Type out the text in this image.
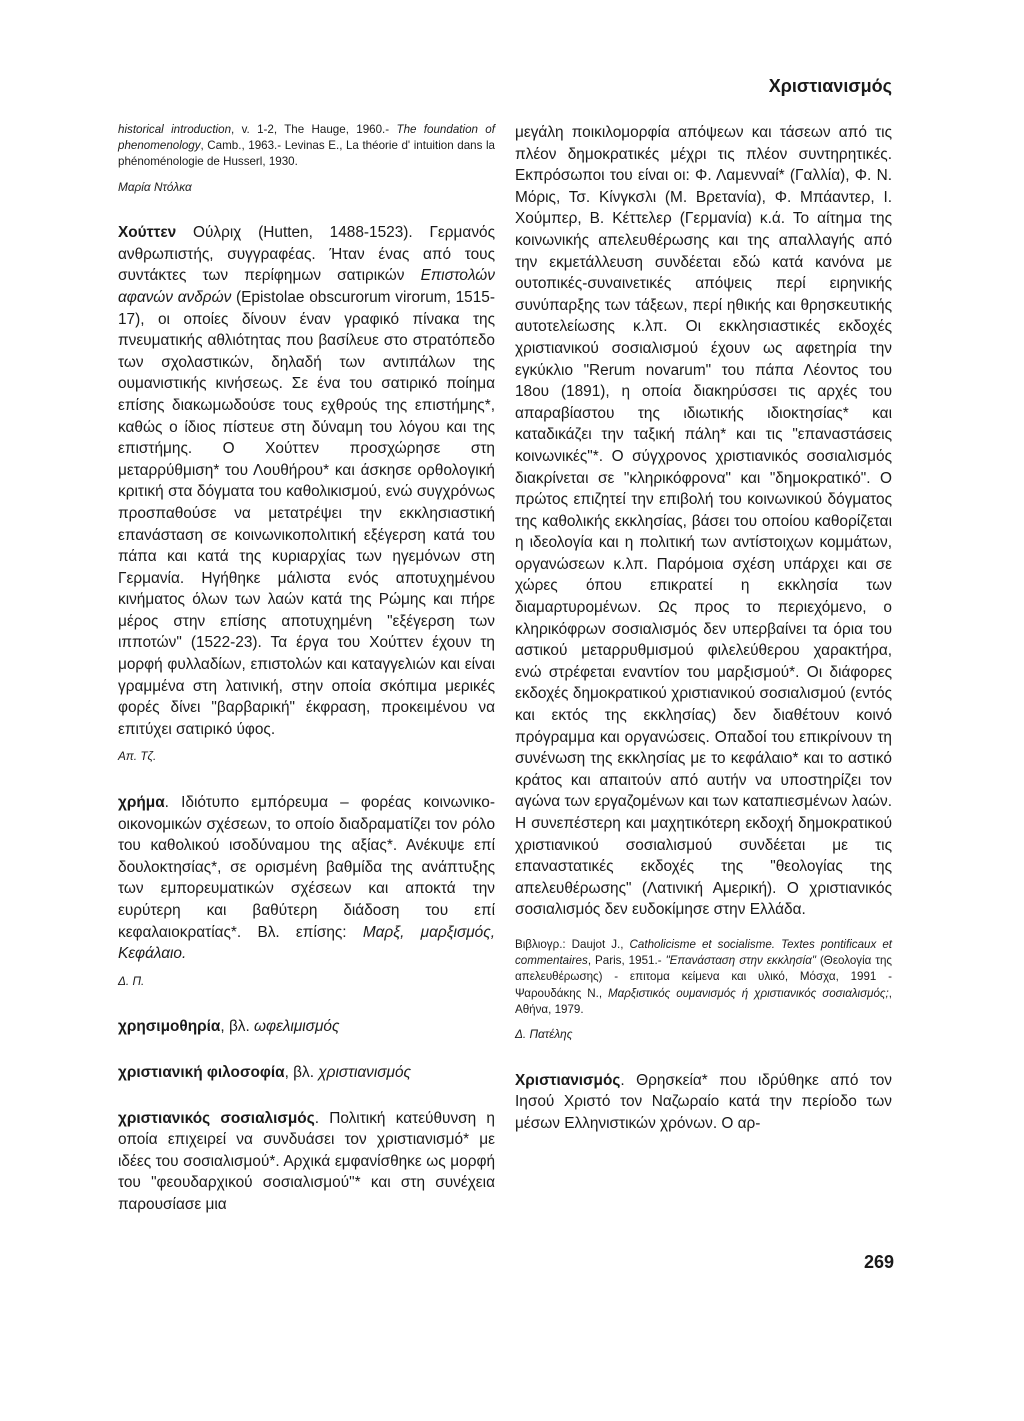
Χριστιανισμός

historical introduction, v. 1-2, The Hauge, 1960.- The foundation of phenomenology, Camb., 1963.- Levinas E., La théorie d' intuition dans la phénoménologie de Husserl, 1930.

Μαρία Ντόλκα

Χούττεν Ούλριχ (Hutten, 1488-1523). Γερμανός ανθρωπιστής, συγγραφέας. Ήταν ένας από τους συντάκτες των περίφημων σατιρικών Επιστολών αφανών ανδρών (Epistolae obscurorum virorum, 1515-17), οι οποίες δίνουν έναν γραφικό πίνακα της πνευματικής αθλιότητας που βασίλευε στο στρατόπεδο των σχολαστικών, δηλαδή των αντιπάλων της ουμανιστικής κινήσεως. Σε ένα του σατιρικό ποίημα επίσης διακωμωδούσε τους εχθρούς της επιστήμης*, καθώς ο ίδιος πίστευε στη δύναμη του λόγου και της επιστήμης. Ο Χούττεν προσχώρησε στη μεταρρύθμιση* του Λουθήρου* και άσκησε ορθολογική κριτική στα δόγματα του καθολικισμού, ενώ συγχρόνως προσπαθούσε να μετατρέψει την εκκλησιαστική επανάσταση σε κοινωνικοπολιτική εξέγερση κατά του πάπα και κατά της κυριαρχίας των ηγεμόνων στη Γερμανία. Ηγήθηκε μάλιστα ενός αποτυχημένου κινήματος όλων των λαών κατά της Ρώμης και πήρε μέρος στην επίσης αποτυχημένη "εξέγερση των ιπποτών" (1522-23). Τα έργα του Χούττεν έχουν τη μορφή φυλλαδίων, επιστολών και καταγγελιών και είναι γραμμένα στη λατινική, στην οποία σκόπιμα μερικές φορές δίνει "βαρβαρική" έκφραση, προκειμένου να επιτύχει σατιρικό ύφος.

Απ. Τζ.

χρήμα. Ιδιότυπο εμπόρευμα – φορέας κοινωνικο-οικονομικών σχέσεων, το οποίο διαδραματίζει τον ρόλο του καθολικού ισοδύναμου της αξίας*. Ανέκυψε επί δουλοκτησίας*, σε ορισμένη βαθμίδα της ανάπτυξης των εμπορευματικών σχέσεων και αποκτά την ευρύτερη και βαθύτερη διάδοση του επί κεφαλαιοκρατίας*. Βλ. επίσης: Μαρξ, μαρξισμός, Κεφάλαιο.

Δ. Π.

χρησιμοθηρία, βλ. ωφελιμισμός

χριστιανική φιλοσοφία, βλ. χριστιανισμός

χριστιανικός σοσιαλισμός. Πολιτική κατεύθυνση η οποία επιχειρεί να συνδυάσει τον χριστιανισμό* με ιδέες του σοσιαλισμού*. Αρχικά εμφανίσθηκε ως μορφή του "φεουδαρχικού σοσιαλισμού"* και στη συνέχεια παρουσίασε μια

μεγάλη ποικιλομορφία απόψεων και τάσεων από τις πλέον δημοκρατικές μέχρι τις πλέον συντηρητικές. Εκπρόσωποι του είναι οι: Φ. Λαμενναί* (Γαλλία), Φ. Ν. Μόρις, Τσ. Κίνγκσλι (Μ. Βρετανία), Φ. Μπάαντερ, Ι. Χούμπερ, Β. Κέττελερ (Γερμανία) κ.ά. Το αίτημα της κοινωνικής απελευθέρωσης και της απαλλαγής από την εκμετάλλευση συνδέεται εδώ κατά κανόνα με ουτοπικές-συναινετικές απόψεις περί ειρηνικής συνύπαρξης των τάξεων, περί ηθικής και θρησκευτικής αυτοτελείωσης κ.λπ. Οι εκκλησιαστικές εκδοχές χριστιανικού σοσιαλισμού έχουν ως αφετηρία την εγκύκλιο "Rerum novarum" του πάπα Λέοντος του 18ου (1891), η οποία διακηρύσσει τις αρχές του απαραβίαστου της ιδιωτικής ιδιοκτησίας* και καταδικάζει την ταξική πάλη* και τις "επαναστάσεις κοινωνικές"*. Ο σύγχρονος χριστιανικός σοσιαλισμός διακρίνεται σε "κληρικόφρονα" και "δημοκρατικό". Ο πρώτος επιζητεί την επιβολή του κοινωνικού δόγματος της καθολικής εκκλησίας, βάσει του οποίου καθορίζεται η ιδεολογία και η πολιτική των αντίστοιχων κομμάτων, οργανώσεων κ.λπ. Παρόμοια σχέση υπάρχει και σε χώρες όπου επικρατεί η εκκλησία των διαμαρτυρομένων. Ως προς το περιεχόμενο, ο κληρικόφρων σοσιαλισμός δεν υπερβαίνει τα όρια του αστικού μεταρρυθμισμού φιλελεύθερου χαρακτήρα, ενώ στρέφεται εναντίον του μαρξισμού*. Οι διάφορες εκδοχές δημοκρατικού χριστιανικού σοσιαλισμού (εντός και εκτός της εκκλησίας) δεν διαθέτουν κοινό πρόγραμμα και οργανώσεις. Οπαδοί του επικρίνουν τη συνένωση της εκκλησίας με το κεφάλαιο* και το αστικό κράτος και απαιτούν από αυτήν να υποστηρίζει τον αγώνα των εργαζομένων και των καταπιεσμένων λαών. Η συνεπέστερη και μαχητικότερη εκδοχή δημοκρατικού χριστιανικού σοσιαλισμού συνδέεται με τις επαναστατικές εκδοχές της "θεολογίας της απελευθέρωσης" (Λατινική Αμερική). Ο χριστιανικός σοσιαλισμός δεν ευδοκίμησε στην Ελλάδα.

Βιβλιογρ.: Daujot J., Catholicisme et socialisme. Textes pontificaux et commentaires, Paris, 1951.- "Επανάσταση στην εκκλησία" (Θεολογία της απελευθέρωσης) - επιτομα κείμενα και υλικό, Μόσχα, 1991 - Ψαρουδάκης Ν., Μαρξιστικός ουμανισμός ή χριστιανικός σοσιαλισμός;, Αθήνα, 1979.

Δ. Πατέλης

Χριστιανισμός. Θρησκεία* που ιδρύθηκε από τον Ιησού Χριστό τον Ναζωραίο κατά την περίοδο των μέσων Ελληνιστικών χρόνων. Ο αρ-

269
